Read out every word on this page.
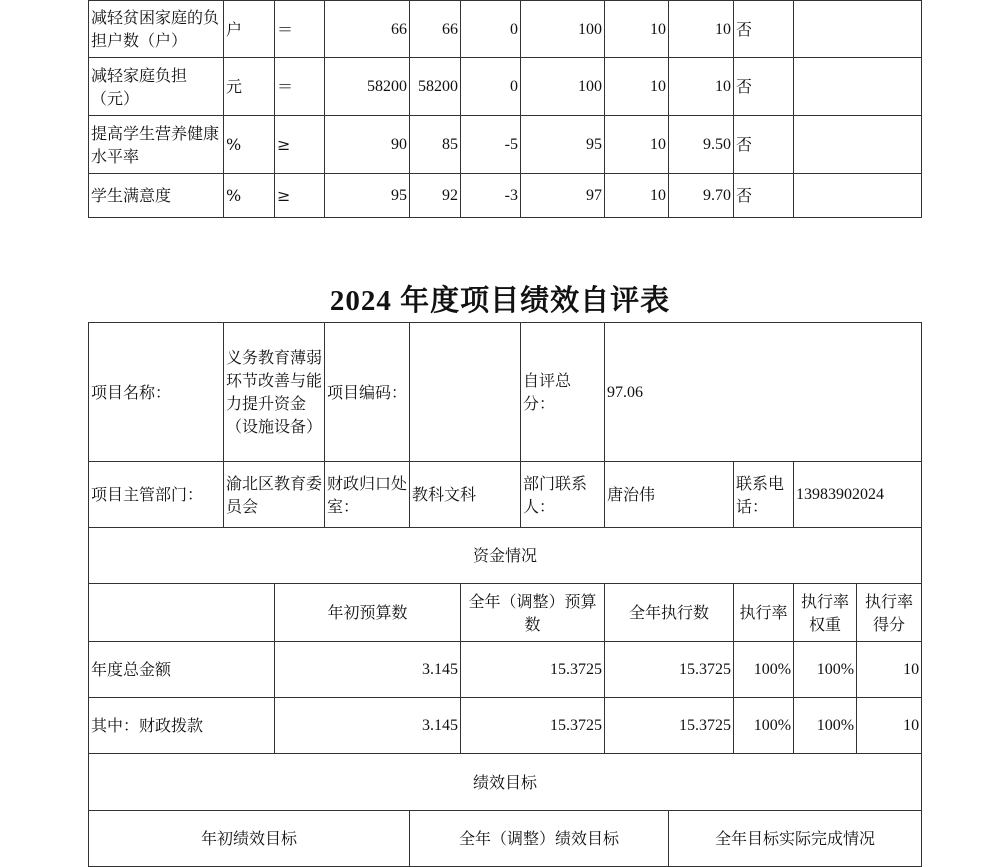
减轻贫困家庭的负担户数（户）	户	＝	66	66	0	100	10	10	否	
减轻家庭负担（元）	元	＝	58200	58200	0	100	10	10	否	
提高学生营养健康水平率	%	≥	90	85	-5	95	10	9.50	否	
学生满意度	%	≥	95	92	-3	97	10	9.70	否	
2024 年度项目绩效自评表
项目名称：	义务教育薄弱环节改善与能力提升资金（设施设备）		项目编码：			自评总分：	97.06				
项目主管部门：	渝北区教育委员会		财政归口处室：	教科文科		部门联系人：	唐治伟		联系电话：	13983902024	
资金情况											
		年初预算数			全年（调整）预算数		全年执行数		执行率	执行率权重	执行率得分
年度总金额		3.145			15.3725		15.3725		100%	100%	10
其中：财政拨款		3.145			15.3725		15.3725		100%	100%	10
绩效目标											
年初绩效目标				全年（调整）绩效目标				全年目标实际完成情况			
